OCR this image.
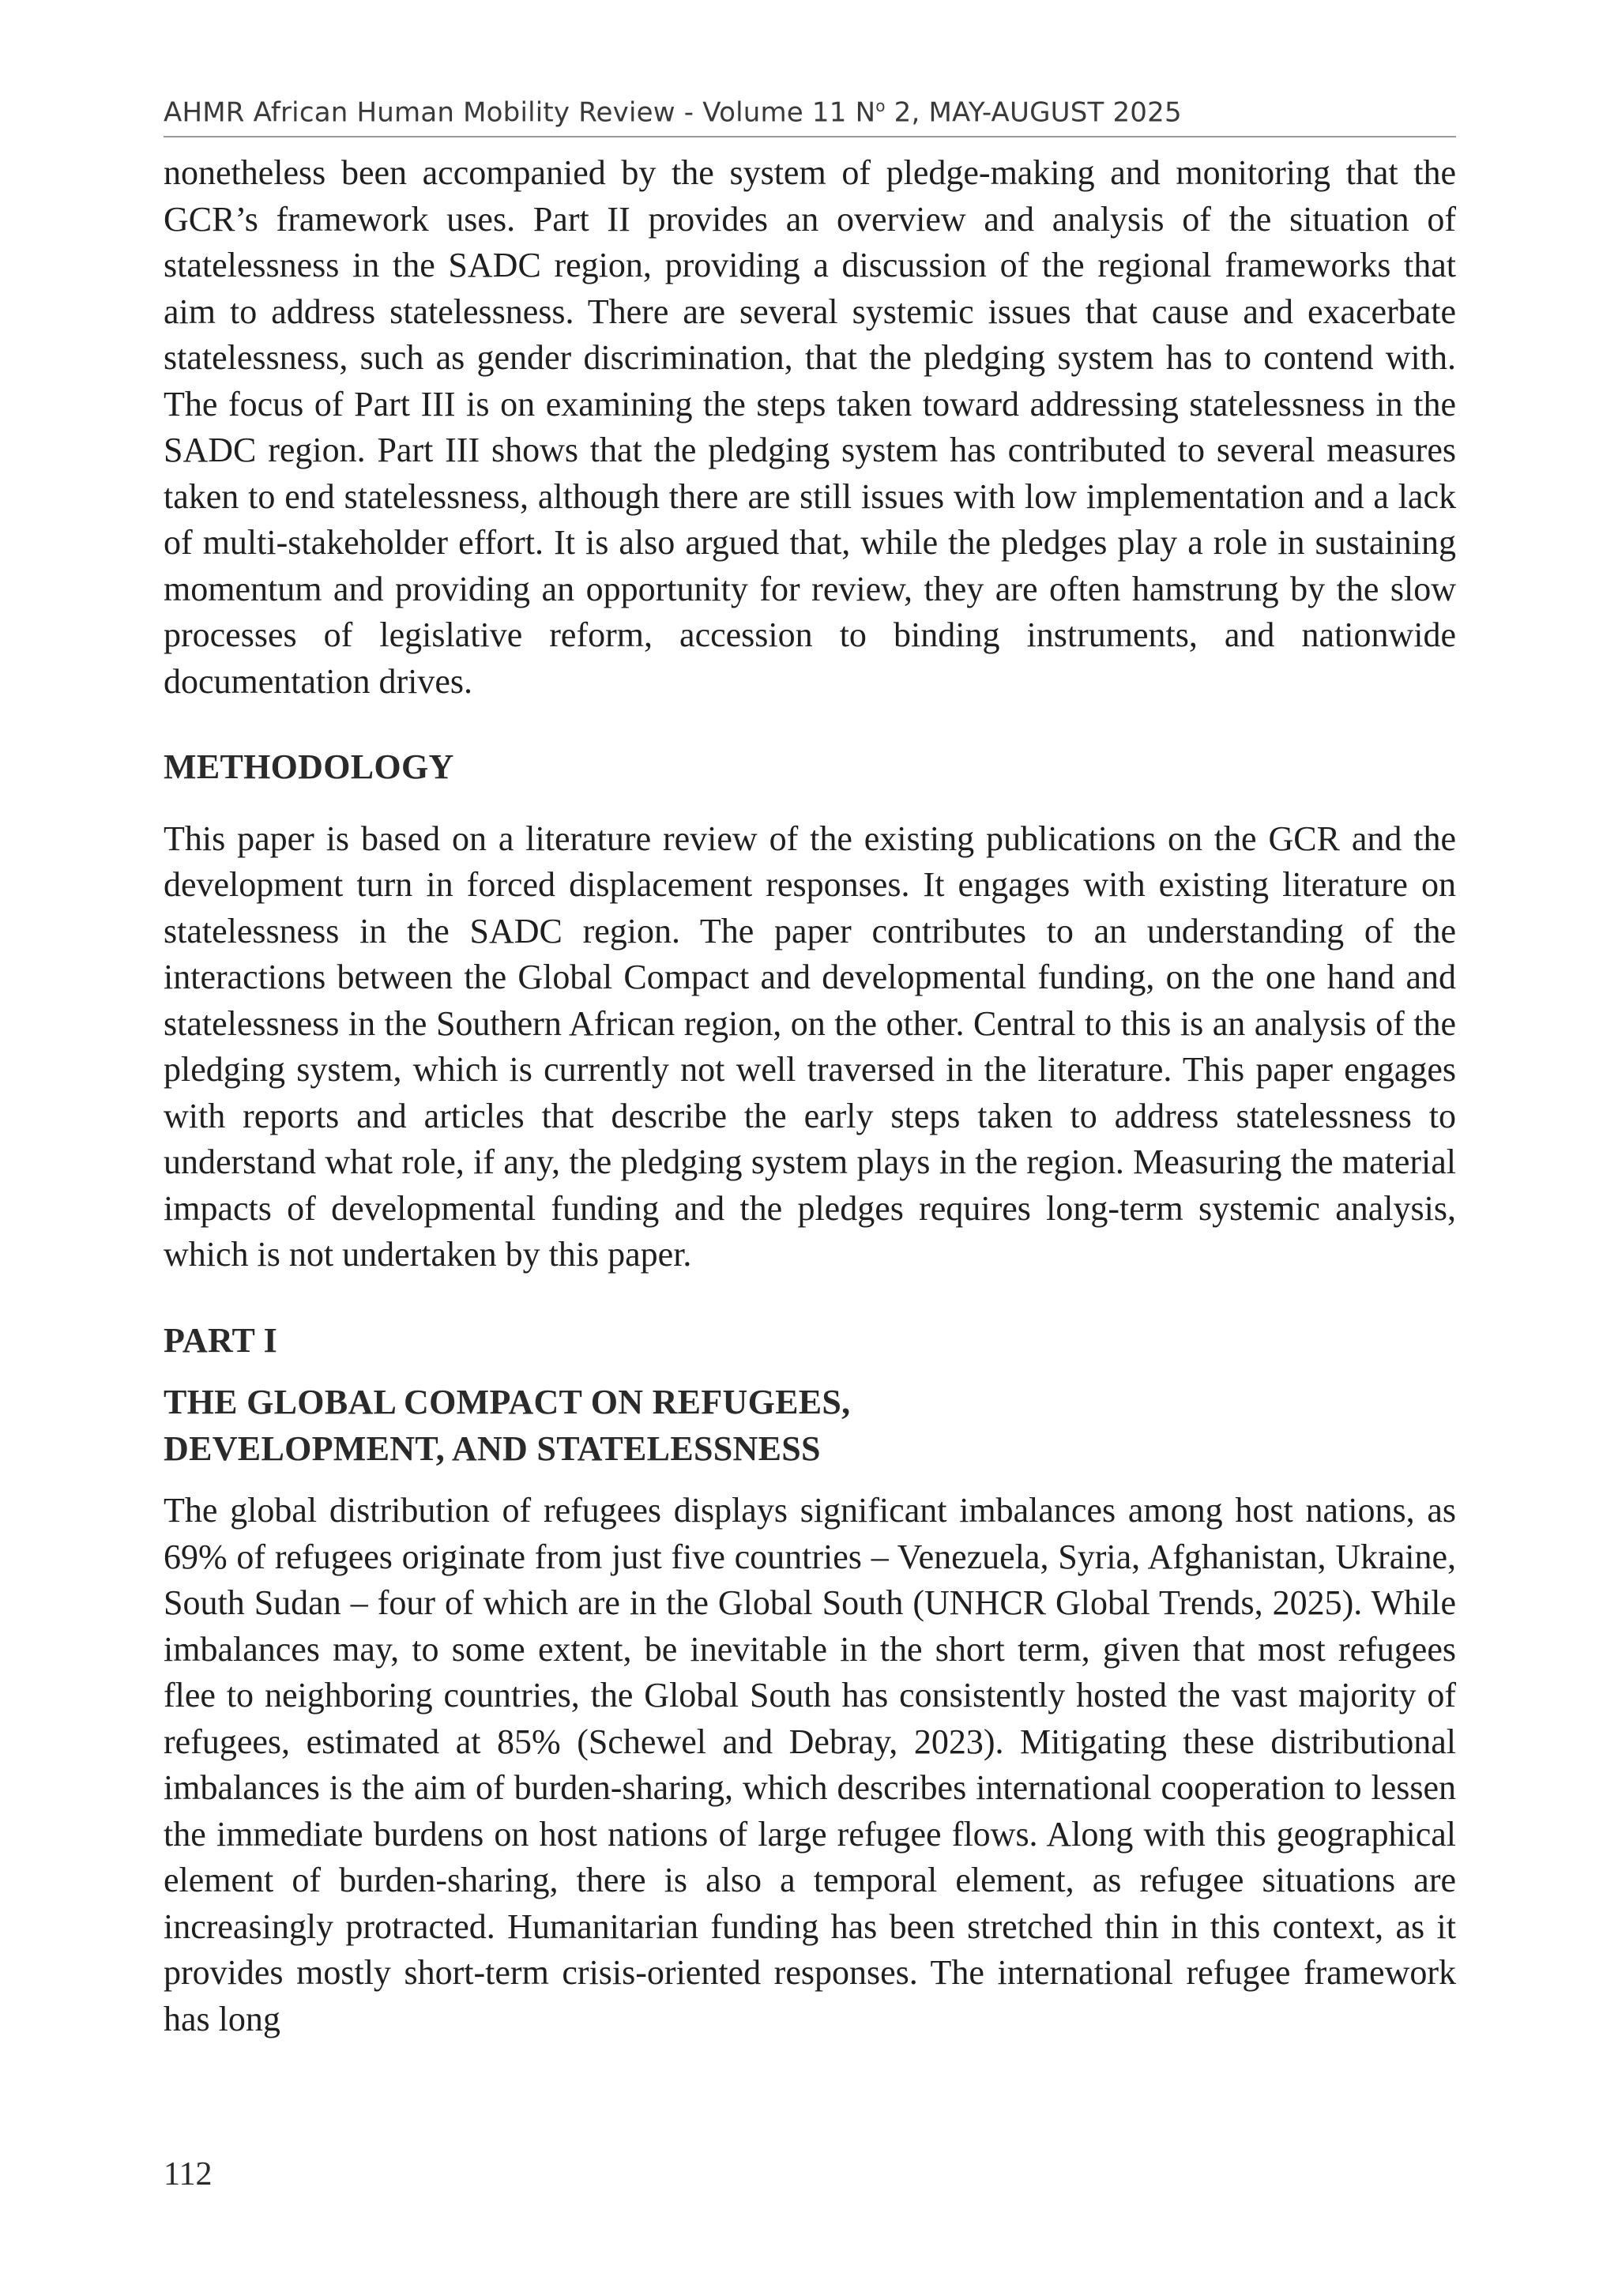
AHMR African Human Mobility Review - Volume 11 $N^o$ 2, MAY-AUGUST 2025

nonetheless been accompanied by the system of pledge-making and monitoring that the GCR’s framework uses. Part II provides an overview and analysis of the situation of statelessness in the SADC region, providing a discussion of the regional frameworks that aim to address statelessness. There are several systemic issues that cause and exacerbate statelessness, such as gender discrimination, that the pledging system has to contend with. The focus of Part III is on examining the steps taken toward addressing statelessness in the SADC region. Part III shows that the pledging system has contributed to several measures taken to end statelessness, although there are still issues with low implementation and a lack of multi-stakeholder effort. It is also argued that, while the pledges play a role in sustaining momentum and providing an opportunity for review, they are often hamstrung by the slow processes of legislative reform, accession to binding instruments, and nationwide documentation drives.

METHODOLOGY

This paper is based on a literature review of the existing publications on the GCR and the development turn in forced displacement responses. It engages with existing literature on statelessness in the SADC region. The paper contributes to an understanding of the interactions between the Global Compact and developmental funding, on the one hand and statelessness in the Southern African region, on the other. Central to this is an analysis of the pledging system, which is currently not well traversed in the literature. This paper engages with reports and articles that describe the early steps taken to address statelessness to understand what role, if any, the pledging system plays in the region. Measuring the material impacts of developmental funding and the pledges requires long-term systemic analysis, which is not undertaken by this paper.

PART I
THE GLOBAL COMPACT ON REFUGEES,
DEVELOPMENT, AND STATELESSNESS

The global distribution of refugees displays significant imbalances among host nations, as 69% of refugees originate from just five countries – Venezuela, Syria, Afghanistan, Ukraine, South Sudan – four of which are in the Global South (UNHCR Global Trends, 2025). While imbalances may, to some extent, be inevitable in the short term, given that most refugees flee to neighboring countries, the Global South has consistently hosted the vast majority of refugees, estimated at 85% (Schewel and Debray, 2023). Mitigating these distributional imbalances is the aim of burden-sharing, which describes international cooperation to lessen the immediate burdens on host nations of large refugee flows. Along with this geographical element of burden-sharing, there is also a temporal element, as refugee situations are increasingly protracted. Humanitarian funding has been stretched thin in this context, as it provides mostly short-term crisis-oriented responses. The international refugee framework has long

112
